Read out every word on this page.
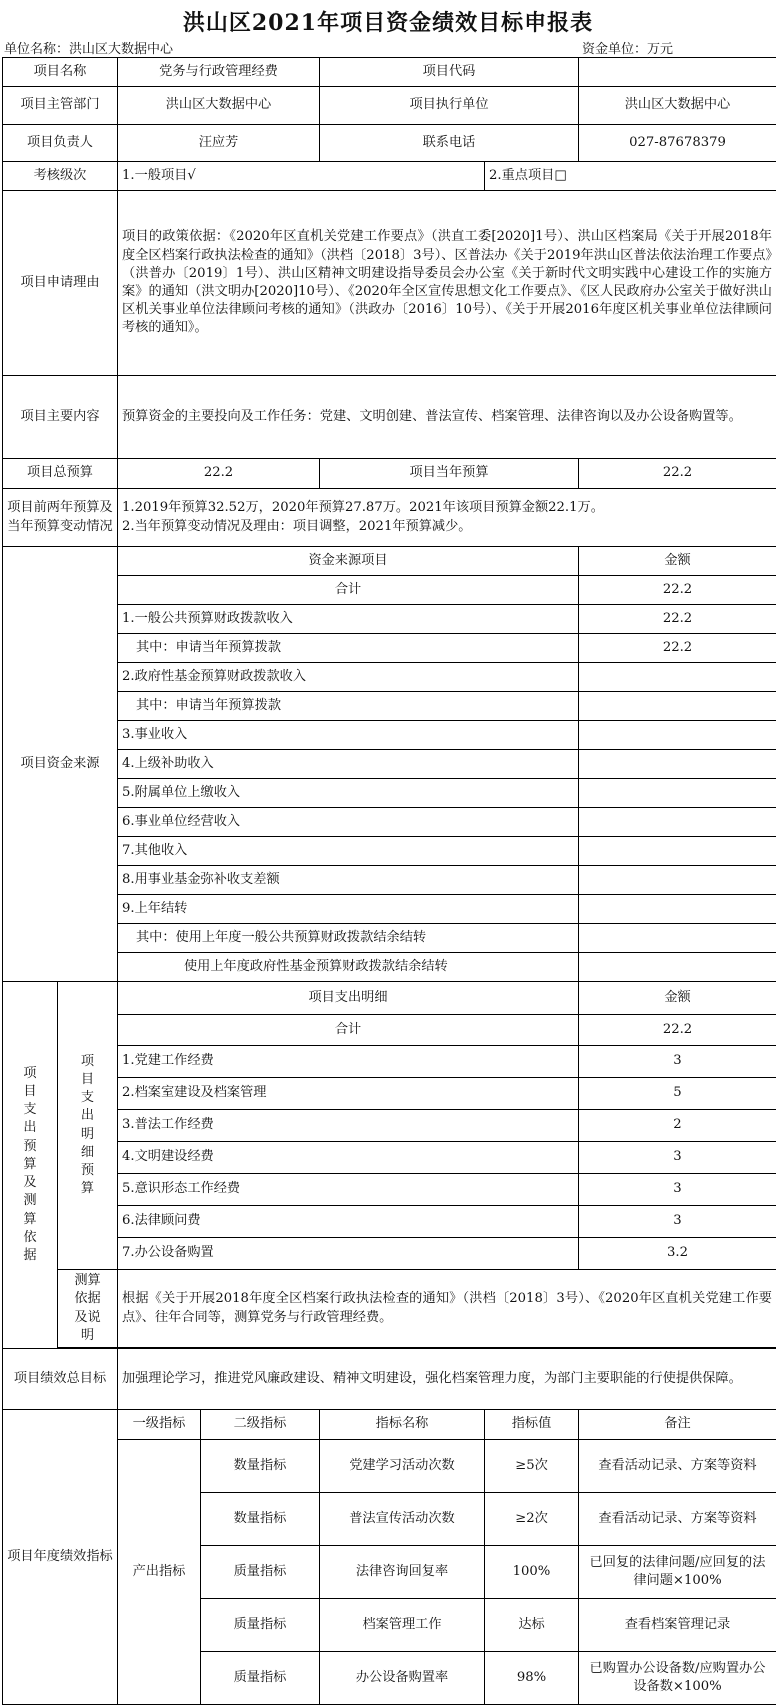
洪山区2021年项目资金绩效目标申报表
单位名称：洪山区大数据中心	资金单位：万元
项目名称		党务与行政管理经费		项目代码		
项目主管部门		洪山区大数据中心		项目执行单位		洪山区大数据中心
项目负责人		汪应芳		联系电话		027-87678379
考核级次		1.一般项目√			2.重点项目□	
项目申请理由		项目的政策依据：《2020年区直机关党建工作要点》（洪直工委[2020]1号）、洪山区档案局《关于开展2018年度全区档案行政执法检查的通知》（洪档〔2018〕3号）、区普法办《关于2019年洪山区普法依法治理工作要点》（洪普办〔2019〕1号）、洪山区精神文明建设指导委员会办公室《关于新时代文明实践中心建设工作的实施方案》的通知（洪文明办[2020]10号）、《2020年全区宣传思想文化工作要点》、《区人民政府办公室关于做好洪山区机关事业单位法律顾问考核的通知》（洪政办〔2016〕10号）、《关于开展2016年度区机关事业单位法律顾问考核的通知》。				
项目主要内容		预算资金的主要投向及工作任务：党建、文明创建、普法宣传、档案管理、法律咨询以及办公设备购置等。				
项目总预算		22.2		项目当年预算		22.2
项目前两年预算及当年预算变动情况		1.2019年预算32.52万，2020年预算27.87万。2021年该项目预算金额22.1万。
2.当年预算变动情况及理由：项目调整，2021年预算减少。				

项目资金来源		资金来源项目				金额
		合计				22.2
		1.一般公共预算财政拨款收入				22.2
		其中：申请当年预算拨款				22.2
		2.政府性基金预算财政拨款收入				
		其中：申请当年预算拨款				
		3.事业收入				
		4.上级补助收入				
		5.附属单位上缴收入				
		6.事业单位经营收入				
		7.其他收入				
		8.用事业基金弥补收支差额				
		9.上年结转				
		其中：使用上年度一般公共预算财政拨款结余结转				
		使用上年度政府性基金预算财政拨款结余结转				

项目支出预算及测算依据	项目支出明细预算	项目支出明细				金额
		合计				22.2
		1.党建工作经费				3
		2.档案室建设及档案管理				5
		3.普法工作经费				2
		4.文明建设经费				3
		5.意识形态工作经费				3
		6.法律顾问费				3
		7.办公设备购置				3.2

	测算依据及说明	根据《关于开展2018年度全区档案行政执法检查的通知》（洪档〔2018〕3号）、《2020年区直机关党建工作要点》、往年合同等，测算党务与行政管理经费。				

项目绩效总目标		加强理论学习，推进党风廉政建设、精神文明建设，强化档案管理力度，为部门主要职能的行使提供保障。				
项目年度绩效指标		一级指标	二级指标	指标名称	指标值	备注
		产出指标	数量指标	党建学习活动次数	≥5次	查看活动记录、方案等资料
			数量指标	普法宣传活动次数	≥2次	查看活动记录、方案等资料
			质量指标	法律咨询回复率	100%	已回复的法律问题/应回复的法律问题×100%
			质量指标	档案管理工作	达标	查看档案管理记录
			质量指标	办公设备购置率	98%	已购置办公设备数/应购置办公设备数×100%
